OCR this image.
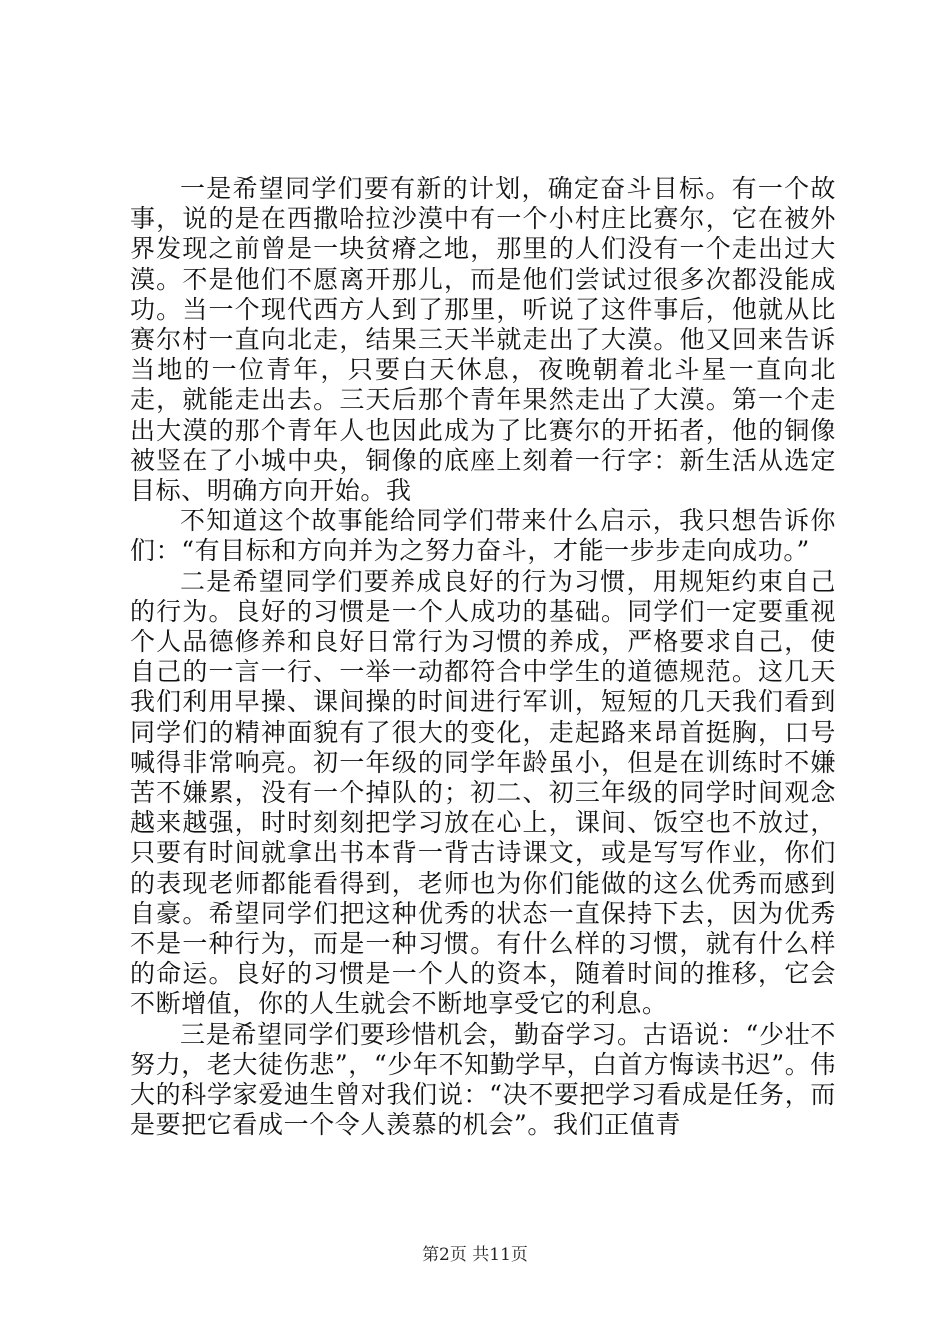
一是希望同学们要有新的计划，确定奋斗目标。有一个故事，说的是在西撒哈拉沙漠中有一个小村庄比赛尔，它在被外界发现之前曾是一块贫瘠之地，那里的人们没有一个走出过大漠。不是他们不愿离开那儿，而是他们尝试过很多次都没能成功。当一个现代西方人到了那里，听说了这件事后，他就从比赛尔村一直向北走，结果三天半就走出了大漠。他又回来告诉当地的一位青年，只要白天休息，夜晚朝着北斗星一直向北走，就能走出去。三天后那个青年果然走出了大漠。第一个走出大漠的那个青年人也因此成为了比赛尔的开拓者，他的铜像被竖在了小城中央，铜像的底座上刻着一行字：新生活从选定目标、明确方向开始。我

不知道这个故事能给同学们带来什么启示，我只想告诉你们：“有目标和方向并为之努力奋斗，才能一步步走向成功。”

二是希望同学们要养成良好的行为习惯，用规矩约束自己的行为。良好的习惯是一个人成功的基础。同学们一定要重视个人品德修养和良好日常行为习惯的养成，严格要求自己，使自己的一言一行、一举一动都符合中学生的道德规范。这几天我们利用早操、课间操的时间进行军训，短短的几天我们看到同学们的精神面貌有了很大的变化，走起路来昂首挺胸，口号喊得非常响亮。初一年级的同学年龄虽小，但是在训练时不嫌苦不嫌累，没有一个掉队的；初二、初三年级的同学时间观念越来越强，时时刻刻把学习放在心上，课间、饭空也不放过，只要有时间就拿出书本背一背古诗课文，或是写写作业，你们的表现老师都能看得到，老师也为你们能做的这么优秀而感到自豪。希望同学们把这种优秀的状态一直保持下去，因为优秀不是一种行为，而是一种习惯。有什么样的习惯，就有什么样的命运。良好的习惯是一个人的资本，随着时间的推移，它会不断增值，你的人生就会不断地享受它的利息。

三是希望同学们要珍惜机会，勤奋学习。古语说：“少壮不努力，老大徒伤悲”，“少年不知勤学早，白首方悔读书迟”。伟大的科学家爱迪生曾对我们说：“决不要把学习看成是任务，而是要把它看成一个令人羡慕的机会”。我们正值青

第2页 共11页
